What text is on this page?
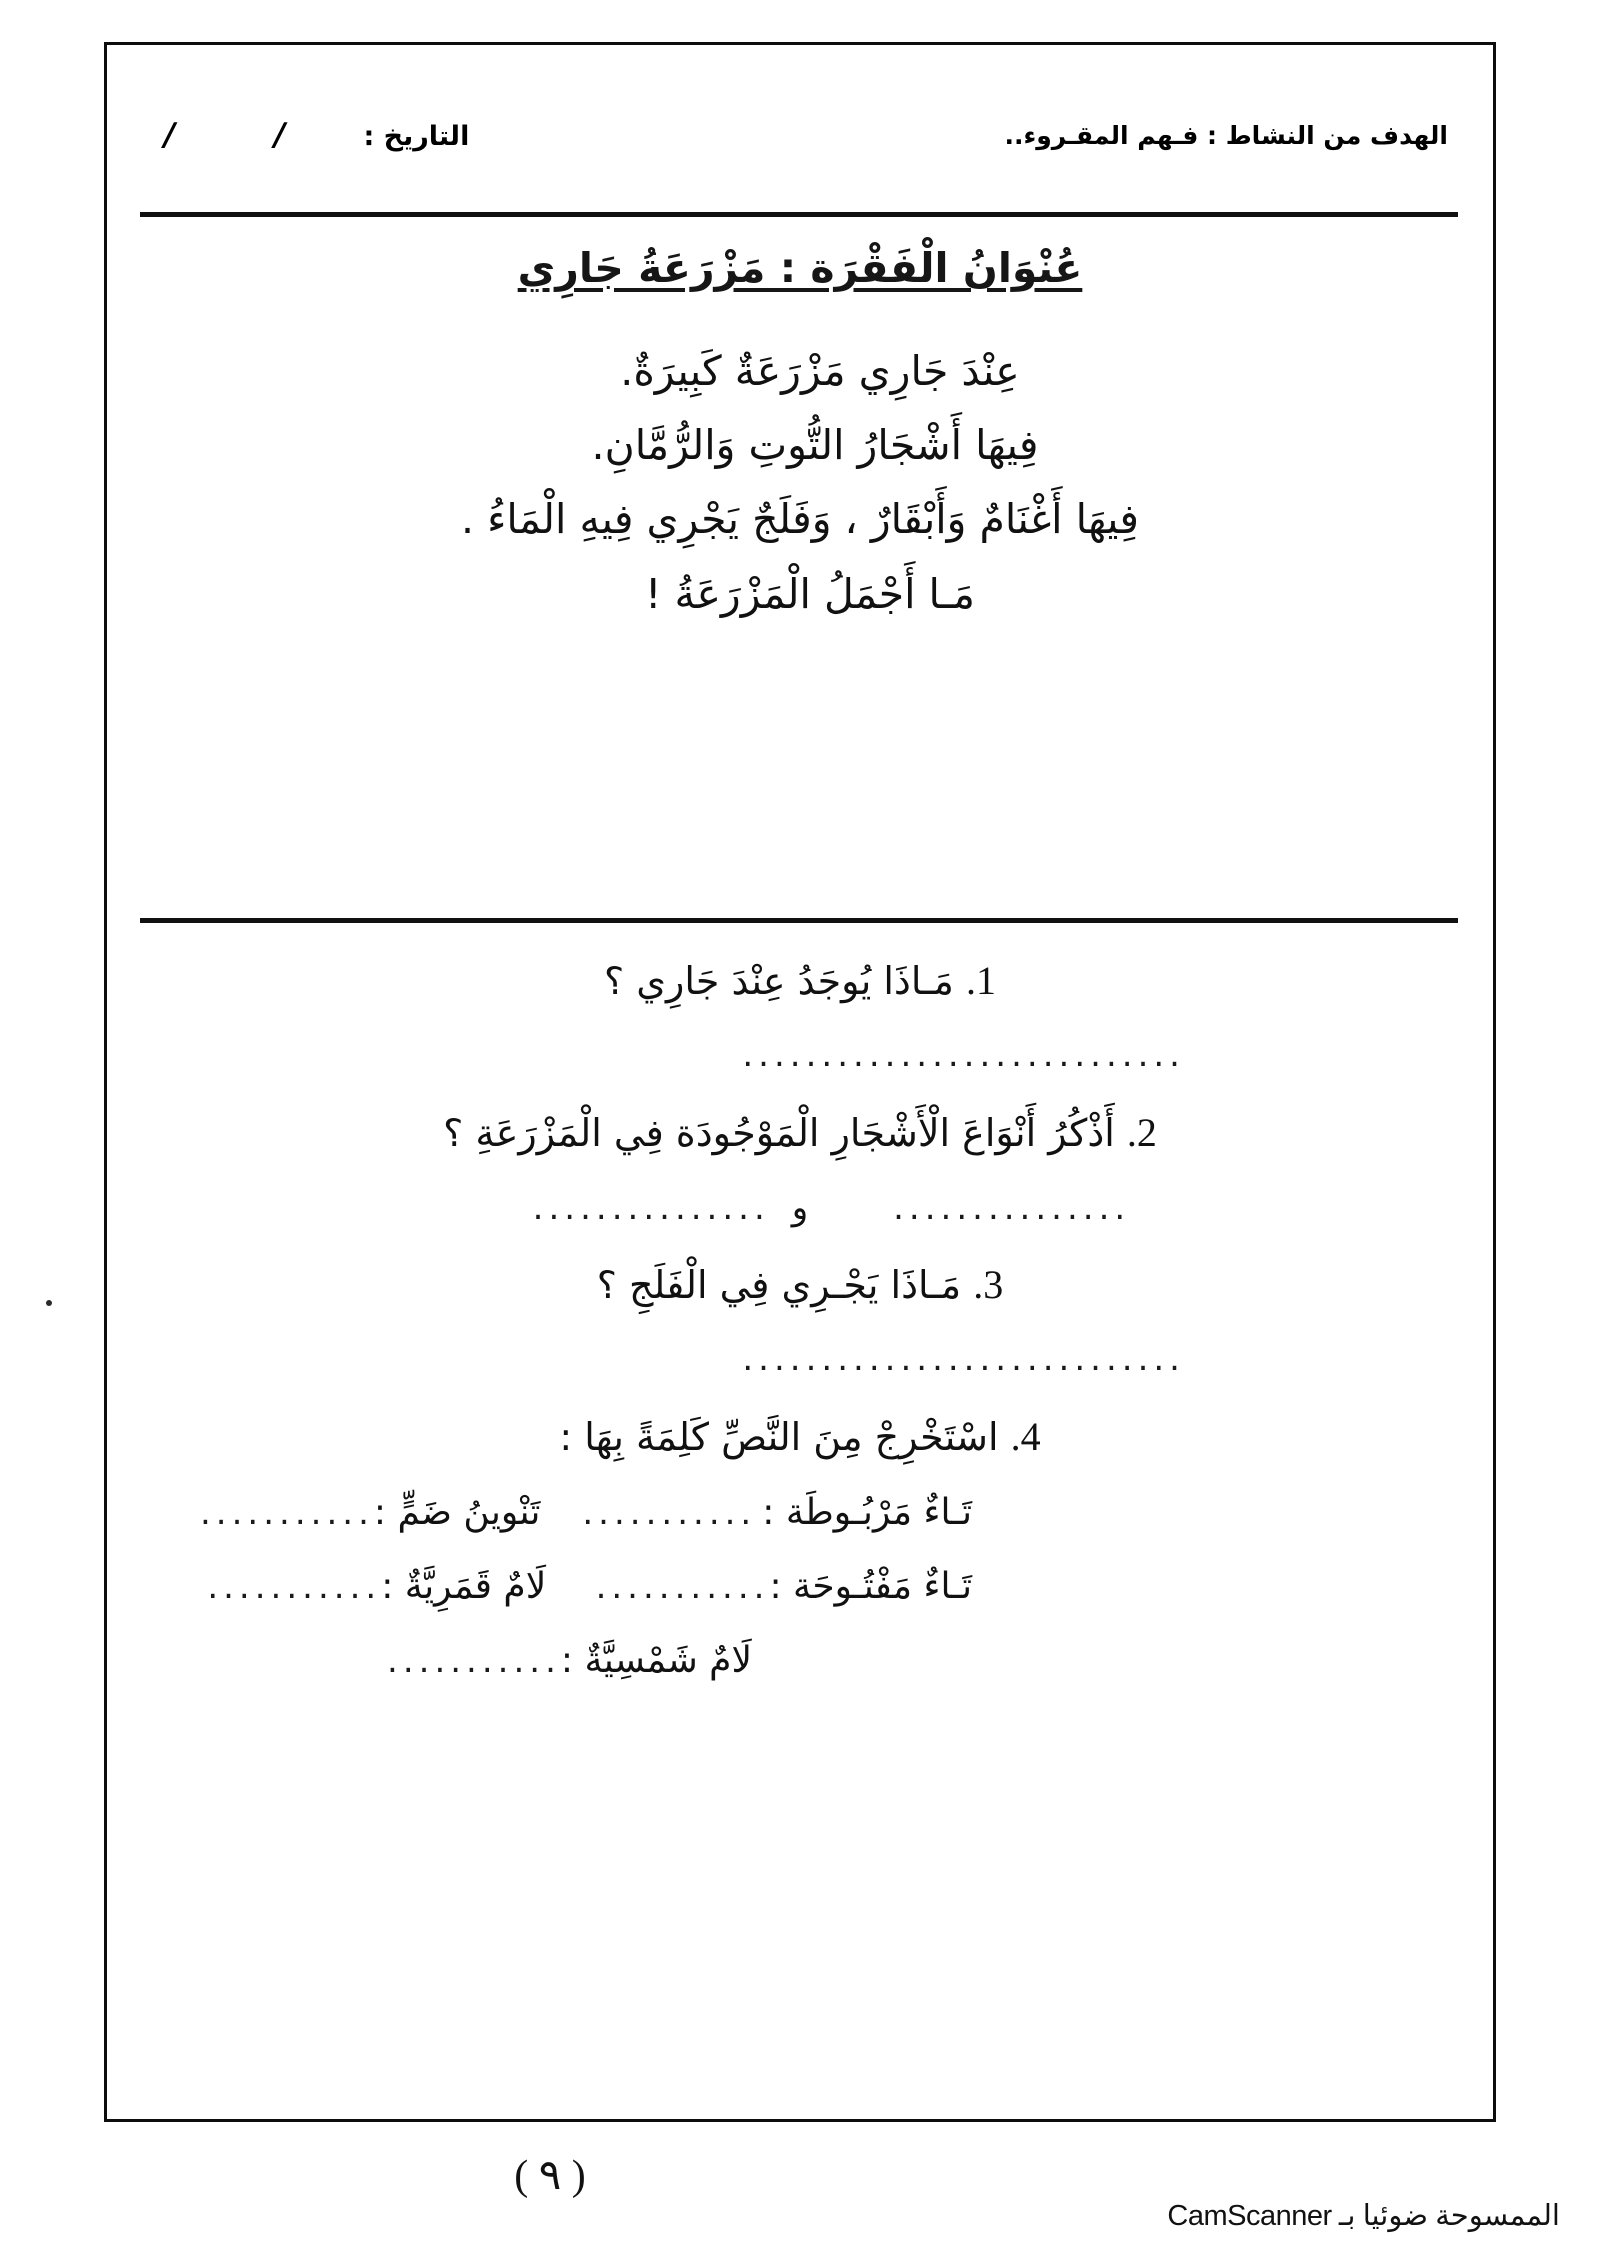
التاريخ :
/ /	الهدف من النشاط : فـهم المقـروء..

عُنْوَانُ الْفَقْرَة : مَزْرَعَةُ جَارِي

عِنْدَ جَارِي مَزْرَعَةٌ كَبِيرَةٌ.

فِيهَا أَشْجَارُ التُّوتِ وَالرُّمَّانِ.

فِيهَا أَغْنَامٌ وَأَبْقَارٌ ، وَفَلَجٌ يَجْرِي فِيهِ الْمَاءُ .

مَـا أَجْمَلُ الْمَزْرَعَةُ !

1. مَـاذَا يُوجَدُ عِنْدَ جَارِي ؟

............................

2. أَذْكُرُ أَنْوَاعَ الْأَشْجَارِ الْمَوْجُودَة فِي الْمَزْرَعَةِ ؟

...............
و
...............

3. مَـاذَا يَجْـرِي فِي الْفَلَجِ ؟

............................

4. اسْتَخْرِجْ مِنَ النَّصِّ كَلِمَةً بِهَا :

تَـاءٌ مَرْبُـوطَة :
...........
تَنْوينُ ضَمٍّ :
...........
تَـاءٌ مَفْتُـوحَة :
...........
لَامٌ قَمَرِيَّةٌ :
...........
لَامٌ شَمْسِيَّةٌ :
...........
( ٩ )
الممسوحة ضوئيا بـ CamScanner
